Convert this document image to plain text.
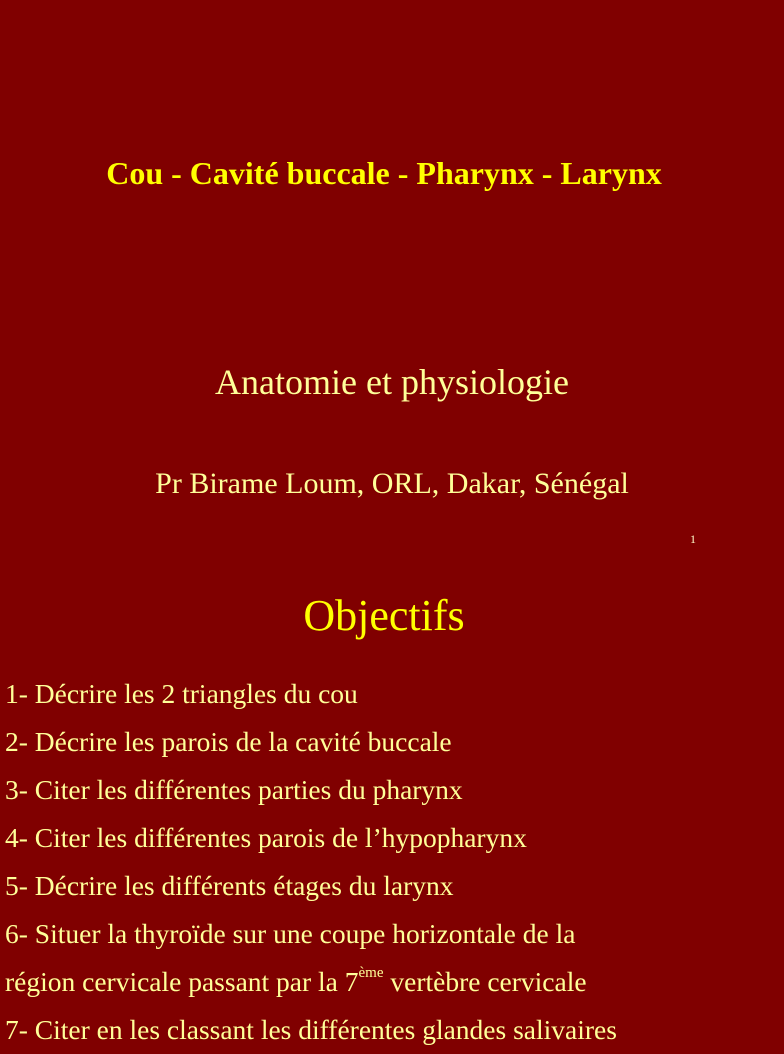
Cou - Cavité buccale - Pharynx - Larynx
Anatomie et physiologie
Pr Birame Loum, ORL, Dakar, Sénégal
1
Objectifs
1- Décrire les 2 triangles du cou
2- Décrire les parois de la cavité buccale
3- Citer les différentes parties du pharynx
4- Citer les différentes parois de l’hypopharynx
5- Décrire les différents étages du larynx
6- Situer la thyroïde sur une coupe horizontale de la
région cervicale passant par la 7ème vertèbre cervicale
7- Citer en les classant les différentes glandes salivaires
